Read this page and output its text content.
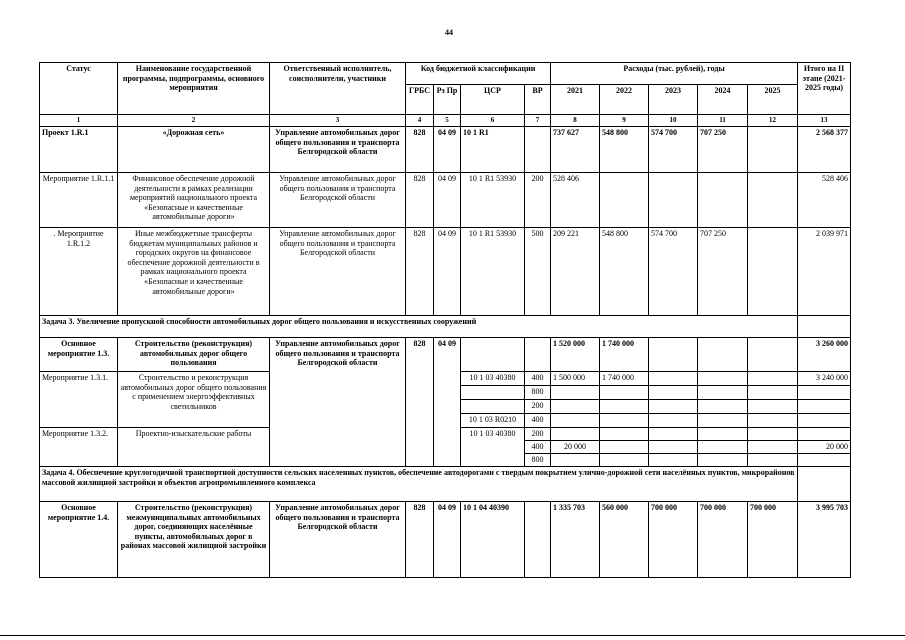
44
Статус	Наименование государственной программы, подпрограммы, основного мероприятия	Ответственный исполнитель, соисполнители, участники	Код бюджетной классификации				Расходы (тыс. рублей), годы					Итого на II этапе (2021-2025 годы)
			ГРБС	Рз Пр	ЦСР	ВР	2021	2022	2023	2024	2025	
1	2	3	4	5	6	7	8	9	10	11	12	13
Проект 1.R.1	«Дорожная сеть»	Управление автомобильных дорог общего пользования и транспорта Белгородской области	828	04 09	10 1 R1		737 627	548 800	574 700	707 250		2 568 377
Мероприятие 1.R.1.1	Финансовое обеспечение дорожной деятельности в рамках реализации мероприятий национального проекта «Безопасные и качественные автомобильные дороги»	Управление автомобильных дорог общего пользования и транспорта Белгородской области	828	04 09	10 1 R1 53930	200	528 406					528 406
. Мероприятие 1.R.1.2	Иные межбюджетные трансферты бюджетам муниципальных районов и городских округов на финансовое обеспечение дорожной деятельности в рамках национального проекта «Безопасные и качественные автомобильные дороги»	Управление автомобильных дорог общего пользования и транспорта Белгородской области	828	04 09	10 1 R1 53930	500	209 221	548 800	574 700	707 250		2 039 971
Задача 3. Увеличение пропускной способности автомобильных дорог общего пользования и искусственных сооружений												
Основное мероприятие 1.3.	Строительство (реконструкция) автомобильных дорог общего пользования	Управление автомобильных дорог общего пользования и транспорта Белгородской области	828	04 09			1 520 000	1 740 000				3 260 000
Мероприятие 1.3.1.	Строительство и реконструкция автомобильных дорог общего пользования с применением энергоэффективных светильников				10 1 03 40380	400	1 500 000	1 740 000				3 240 000
						800						
						200						
					10 1 03 R0210	400						
Мероприятие 1.3.2.	Проектно-изыскательские работы				10 1 03 40380	200						
						400	20 000					20 000
						800						
Задача 4. Обеспечение круглогодичной транспортной доступности сельских населенных пунктов, обеспечение автодорогами с твердым покрытием улично-дорожной сети населённых пунктов, микрорайонов массовой жилищной застройки и объектов агропромышленного комплекса												
Основное мероприятие 1.4.	Строительство (реконструкция) межмуниципальных автомобильных дорог, соединяющих населённые пункты, автомобильных дорог в районах массовой жилищной застройки	Управление автомобильных дорог общего пользования и транспорта Белгородской области	828	04 09	10 1 04 40390		1 335 703	560 000	700 000	700 000	700 000	3 995 703
